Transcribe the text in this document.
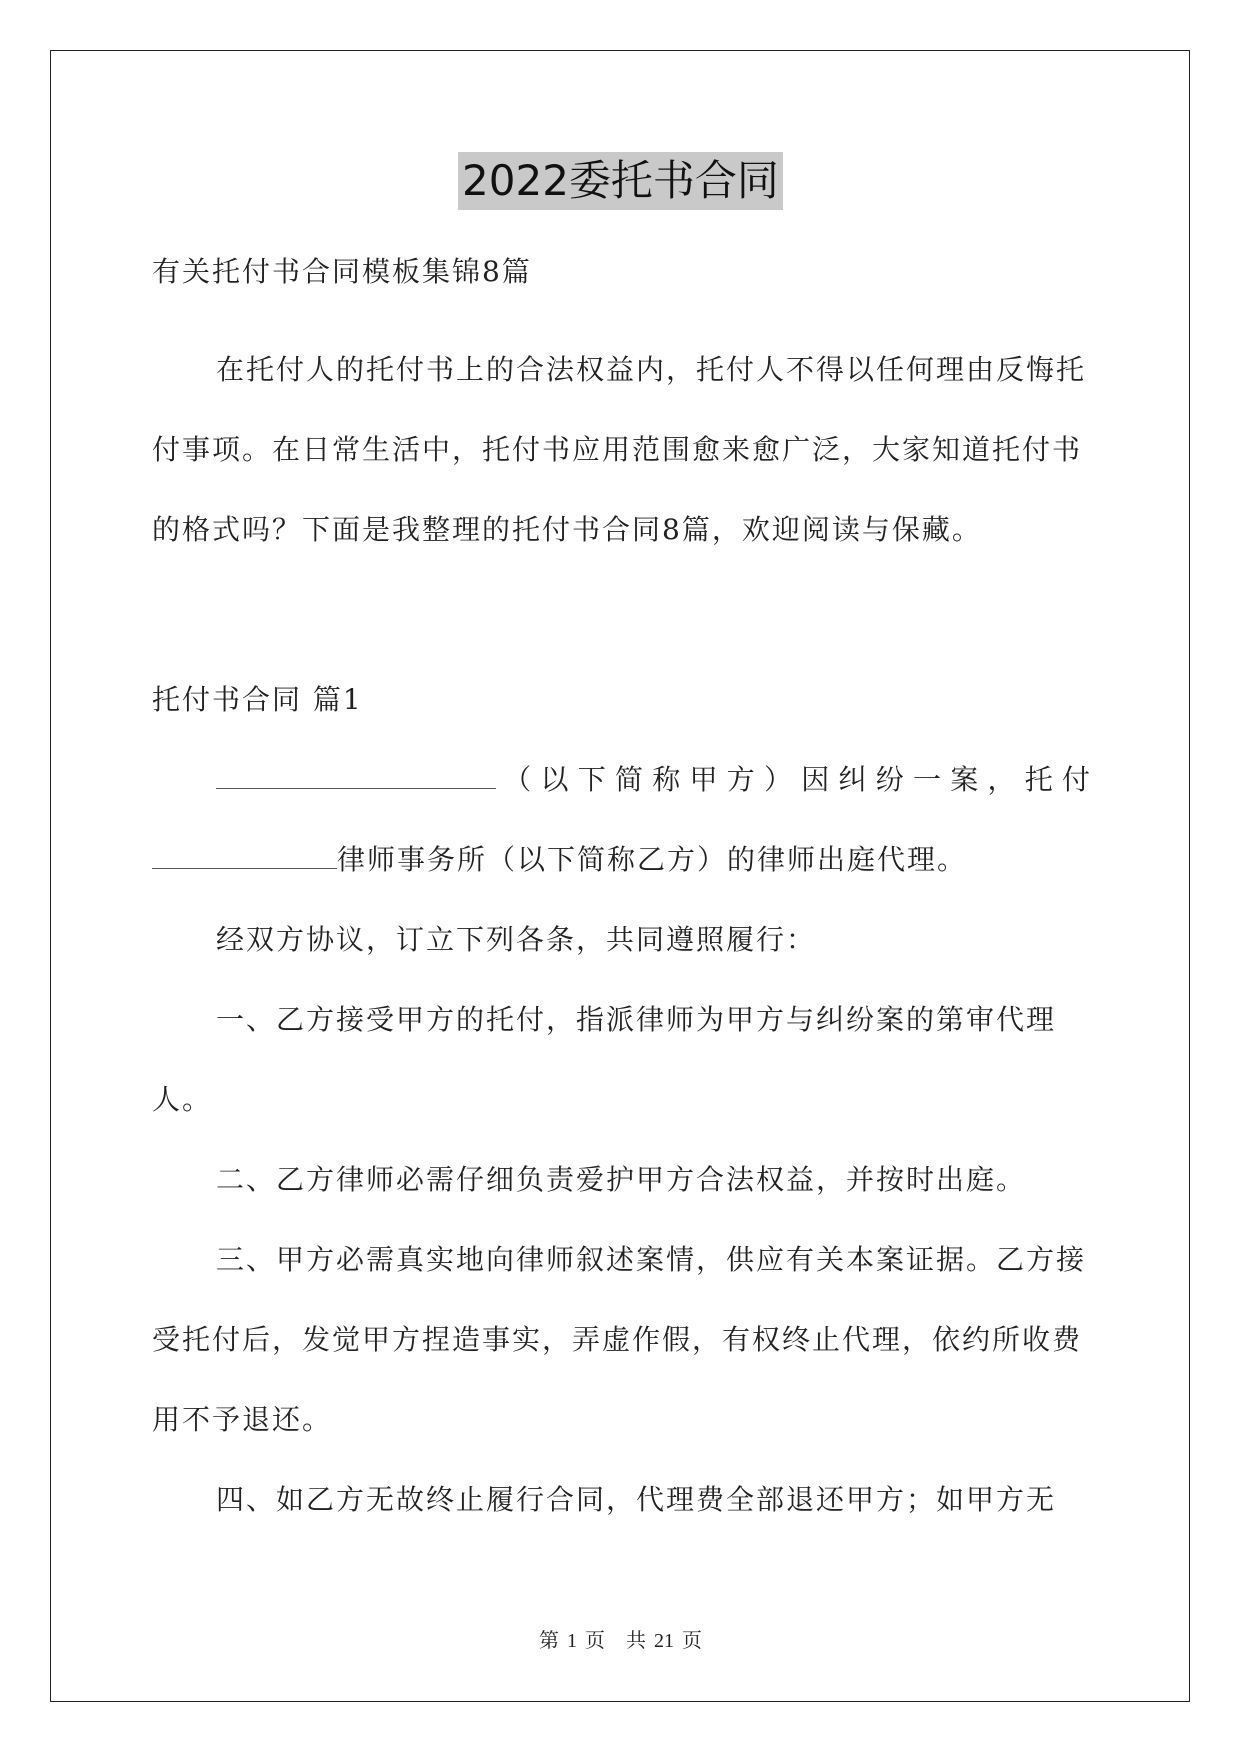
2022委托书合同
有关托付书合同模板集锦8篇
在托付人的托付书上的合法权益内，托付人不得以任何理由反悔托付事项。在日常生活中，托付书应用范围愈来愈广泛，大家知道托付书的格式吗？下面是我整理的托付书合同8篇，欢迎阅读与保藏。
托付书合同 篇1

（以下简称甲方）因纠纷一案，托付

律师事务所（以下简称乙方）的律师出庭代理。

经双方协议，订立下列各条，共同遵照履行：

一、乙方接受甲方的托付，指派律师为甲方与纠纷案的第审代理人。

二、乙方律师必需仔细负责爱护甲方合法权益，并按时出庭。

三、甲方必需真实地向律师叙述案情，供应有关本案证据。乙方接受托付后，发觉甲方捏造事实，弄虚作假，有权终止代理，依约所收费用不予退还。

四、如乙方无故终止履行合同，代理费全部退还甲方；如甲方无

第 1 页 共 21 页
